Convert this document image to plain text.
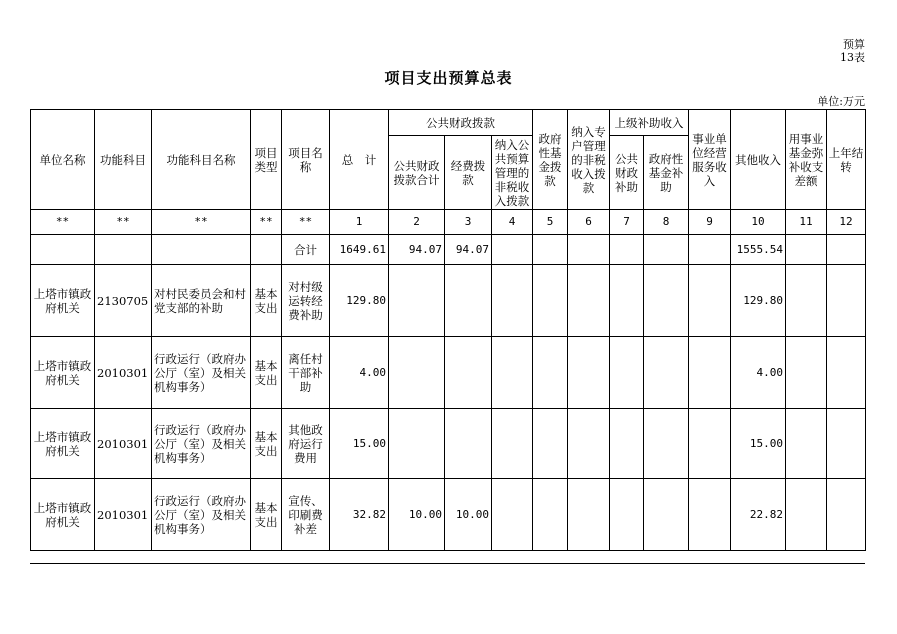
预算
13表
项目支出预算总表
单位:万元
单位名称	功能科目	功能科目名称	项目类型	项目名称	总　计	公共财政拨款			政府性基金拨款	纳入专户管理的非税收入拨款	上级补助收入		事业单位经营服务收入	其他收入	用事业基金弥补收支差额	上年结转
						公共财政拨款合计	经费拨款	纳入公共预算管理的非税收入拨款			公共财政补助	政府性基金补助				
**	**	**	**	**	1	2	3	4	5	6	7	8	9	10	11	12
				合计	1649.61	94.07	94.07							1555.54		
上塔市镇政府机关	2130705	对村民委员会和村党支部的补助	基本支出	对村级运转经费补助	129.80									129.80		
上塔市镇政府机关	2010301	行政运行（政府办公厅（室）及相关机构事务）	基本支出	离任村干部补助	4.00									4.00		
上塔市镇政府机关	2010301	行政运行（政府办公厅（室）及相关机构事务）	基本支出	其他政府运行费用	15.00									15.00		
上塔市镇政府机关	2010301	行政运行（政府办公厅（室）及相关机构事务）	基本支出	宣传、印刷费补差	32.82	10.00	10.00							22.82		
